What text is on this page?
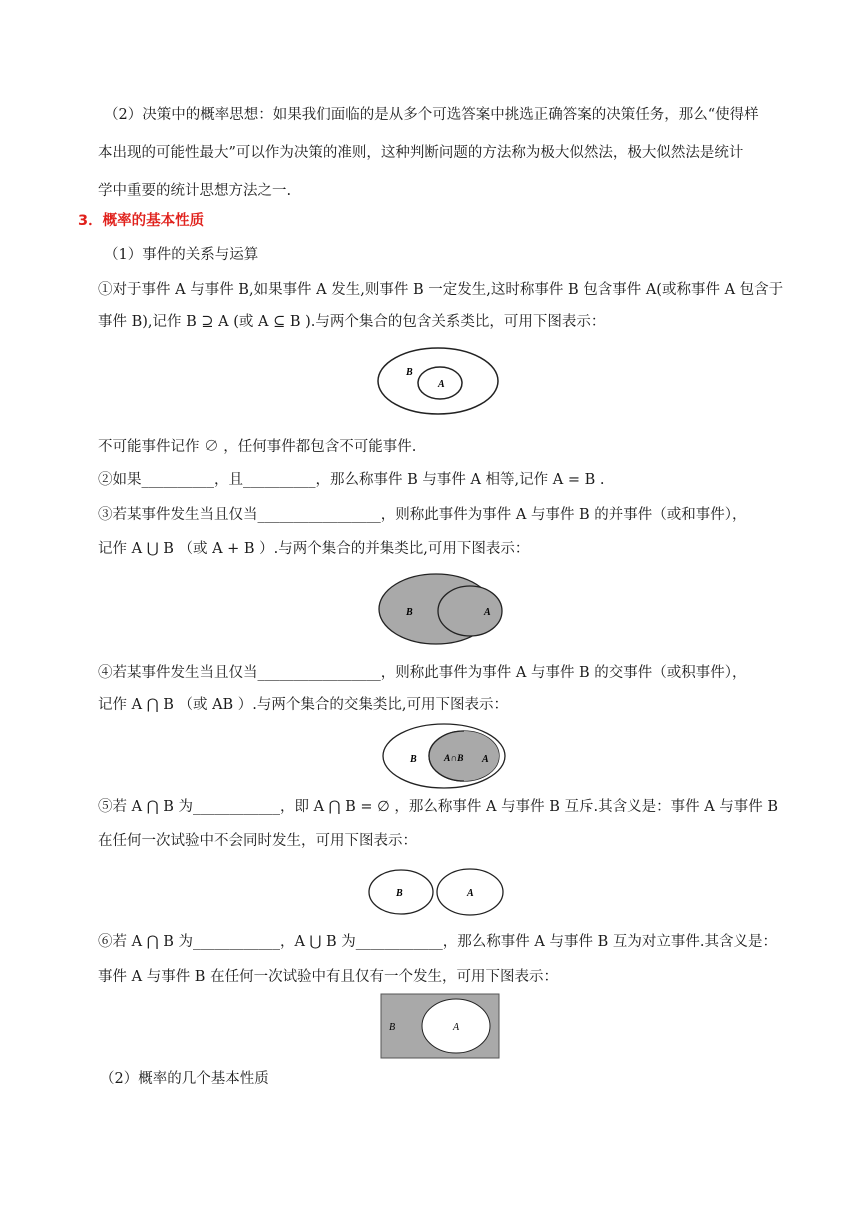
（2）决策中的概率思想：如果我们面临的是从多个可选答案中挑选正确答案的决策任务，那么“使得样
本出现的可能性最大”可以作为决策的准则，这种判断问题的方法称为极大似然法，极大似然法是统计
学中重要的统计思想方法之一.
3．概率的基本性质
（1）事件的关系与运算
①对于事件 A 与事件 B,如果事件 A 发生,则事件 B 一定发生,这时称事件 B 包含事件 A(或称事件 A 包含于
事件 B),记作 B ⊇ A (或 A ⊆ B ).与两个集合的包含关系类比，可用下图表示：
B
A
不可能事件记作 ∅ ，任何事件都包含不可能事件.
②如果__________，且__________，那么称事件 B 与事件 A 相等,记作 A = B .
③若某事件发生当且仅当_________________，则称此事件为事件 A 与事件 B 的并事件（或和事件），
记作 A ⋃ B （或 A + B ）.与两个集合的并集类比,可用下图表示：
B	A
④若某事件发生当且仅当_________________，则称此事件为事件 A 与事件 B 的交事件（或积事件），
记作 A ⋂ B （或 AB ）.与两个集合的交集类比,可用下图表示：
B	A∩B A
⑤若 A ⋂ B 为____________，即 A ⋂ B = ∅ ，那么称事件 A 与事件 B 互斥.其含义是：事件 A 与事件 B
在任何一次试验中不会同时发生，可用下图表示：
B	A
⑥若 A ⋂ B 为____________，A ⋃ B 为____________，那么称事件 A 与事件 B 互为对立事件.其含义是：
事件 A 与事件 B 在任何一次试验中有且仅有一个发生，可用下图表示：
B	A
（2）概率的几个基本性质
